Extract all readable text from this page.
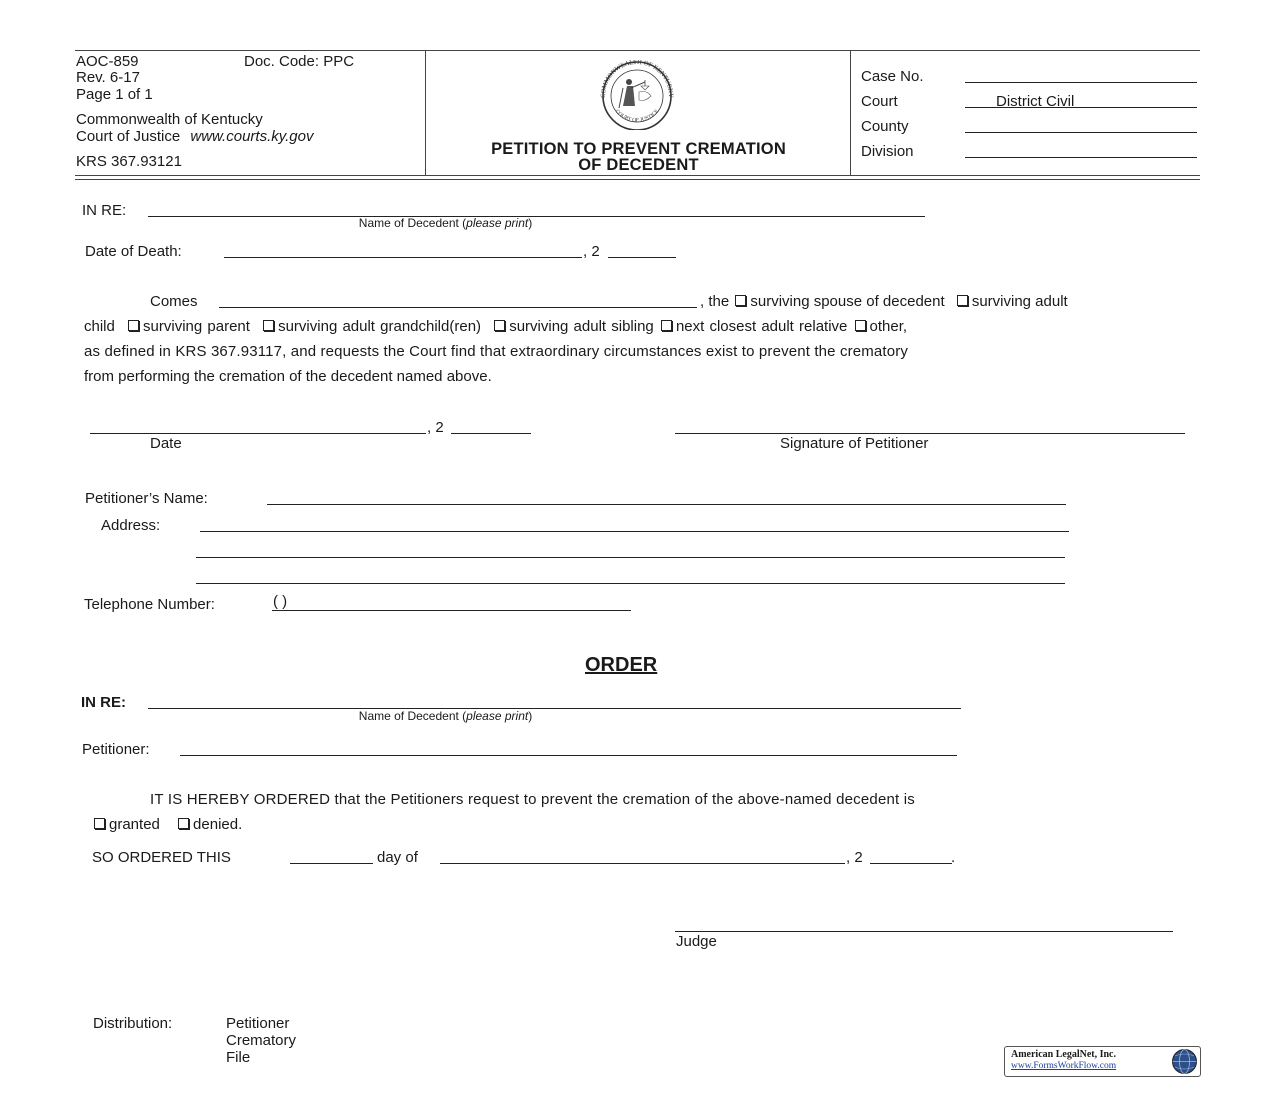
AOC-859	Doc. Code: PPC
Rev. 6-17
Page 1 of 1
Commonwealth of Kentucky
Court of Justice www.courts.ky.gov
KRS 367.93121
COMMONWEALTH OF KENTUCKY
COURT OF JUSTICE
PETITION TO PREVENT CREMATION
OF DECEDENT
Case No.
Court	District Civil
County
Division
IN RE:
Name of Decedent (please print)
Date of Death:	, 2
Comes	, the surviving spouse of decedent surviving adult
child surviving parent surviving adult grandchild(ren) surviving adult sibling next closest adult relative other,
as defined in KRS 367.93117, and requests the Court find that extraordinary circumstances exist to prevent the crematory
from performing the cremation of the decedent named above.
, 2
Date	Signature of Petitioner
Petitioner’s Name:
Address:
Telephone Number:	( )
ORDER
IN RE:
Name of Decedent (please print)
Petitioner:
IT IS HEREBY ORDERED that the Petitioners request to prevent the cremation of the above-named decedent is
granted denied.
SO ORDERED THIS	day of	, 2	.
Judge
Distribution:	Petitioner
Crematory
File	American LegalNet, Inc.
www.FormsWorkFlow.com
